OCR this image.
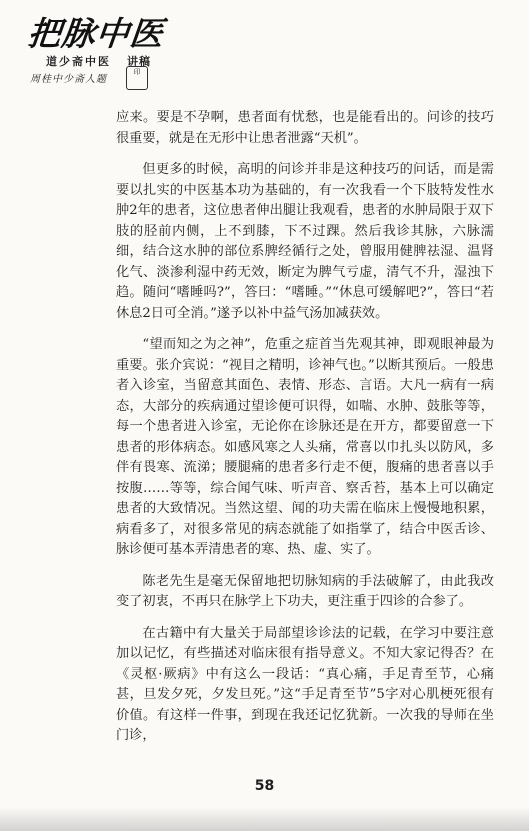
把脉中医
道少斋中医 讲稿
周桂中少斋人题
印

应来。要是不孕啊，患者面有忧愁，也是能看出的。问诊的技巧很重要，就是在无形中让患者泄露“天机”。

但更多的时候，高明的问诊并非是这种技巧的问话，而是需要以扎实的中医基本功为基础的，有一次我看一个下肢特发性水肿2年的患者，这位患者伸出腿让我观看，患者的水肿局限于双下肢的胫前内侧，上不到膝，下不过踝。然后我诊其脉，六脉濡细，结合这水肿的部位系脾经循行之处，曾服用健脾祛湿、温肾化气、淡渗利湿中药无效，断定为脾气亏虚，清气不升，湿浊下趋。随问“嗜睡吗?”，答曰：“嗜睡。”“休息可缓解吧?”，答曰“若休息2日可全消。”遂予以补中益气汤加减获效。

“望而知之为之神”，危重之症首当先观其神，即观眼神最为重要。张介宾说：“视目之精明，诊神气也。”以断其预后。一般患者入诊室，当留意其面色、表情、形态、言语。大凡一病有一病态，大部分的疾病通过望诊便可识得，如喘、水肿、鼓胀等等，每一个患者进入诊室，无论你在诊脉还是在开方，都要留意一下患者的形体病态。如感风寒之人头痛，常喜以巾扎头以防风，多伴有畏寒、流涕；腰腿痛的患者多行走不便，腹痛的患者喜以手按腹……等等，综合闻气味、听声音、察舌苔，基本上可以确定患者的大致情况。当然这望、闻的功夫需在临床上慢慢地积累，病看多了，对很多常见的病态就能了如指掌了，结合中医舌诊、脉诊便可基本弄清患者的寒、热、虚、实了。

陈老先生是毫无保留地把切脉知病的手法破解了，由此我改变了初衷，不再只在脉学上下功夫，更注重于四诊的合参了。

在古籍中有大量关于局部望诊诊法的记载，在学习中要注意加以记忆，有些描述对临床很有指导意义。不知大家记得否？在《灵枢·厥病》中有这么一段话：“真心痛，手足青至节，心痛甚，旦发夕死，夕发旦死。”这“手足青至节”5字对心肌梗死很有价值。有这样一件事，到现在我还记忆犹新。一次我的导师在坐门诊，

58
